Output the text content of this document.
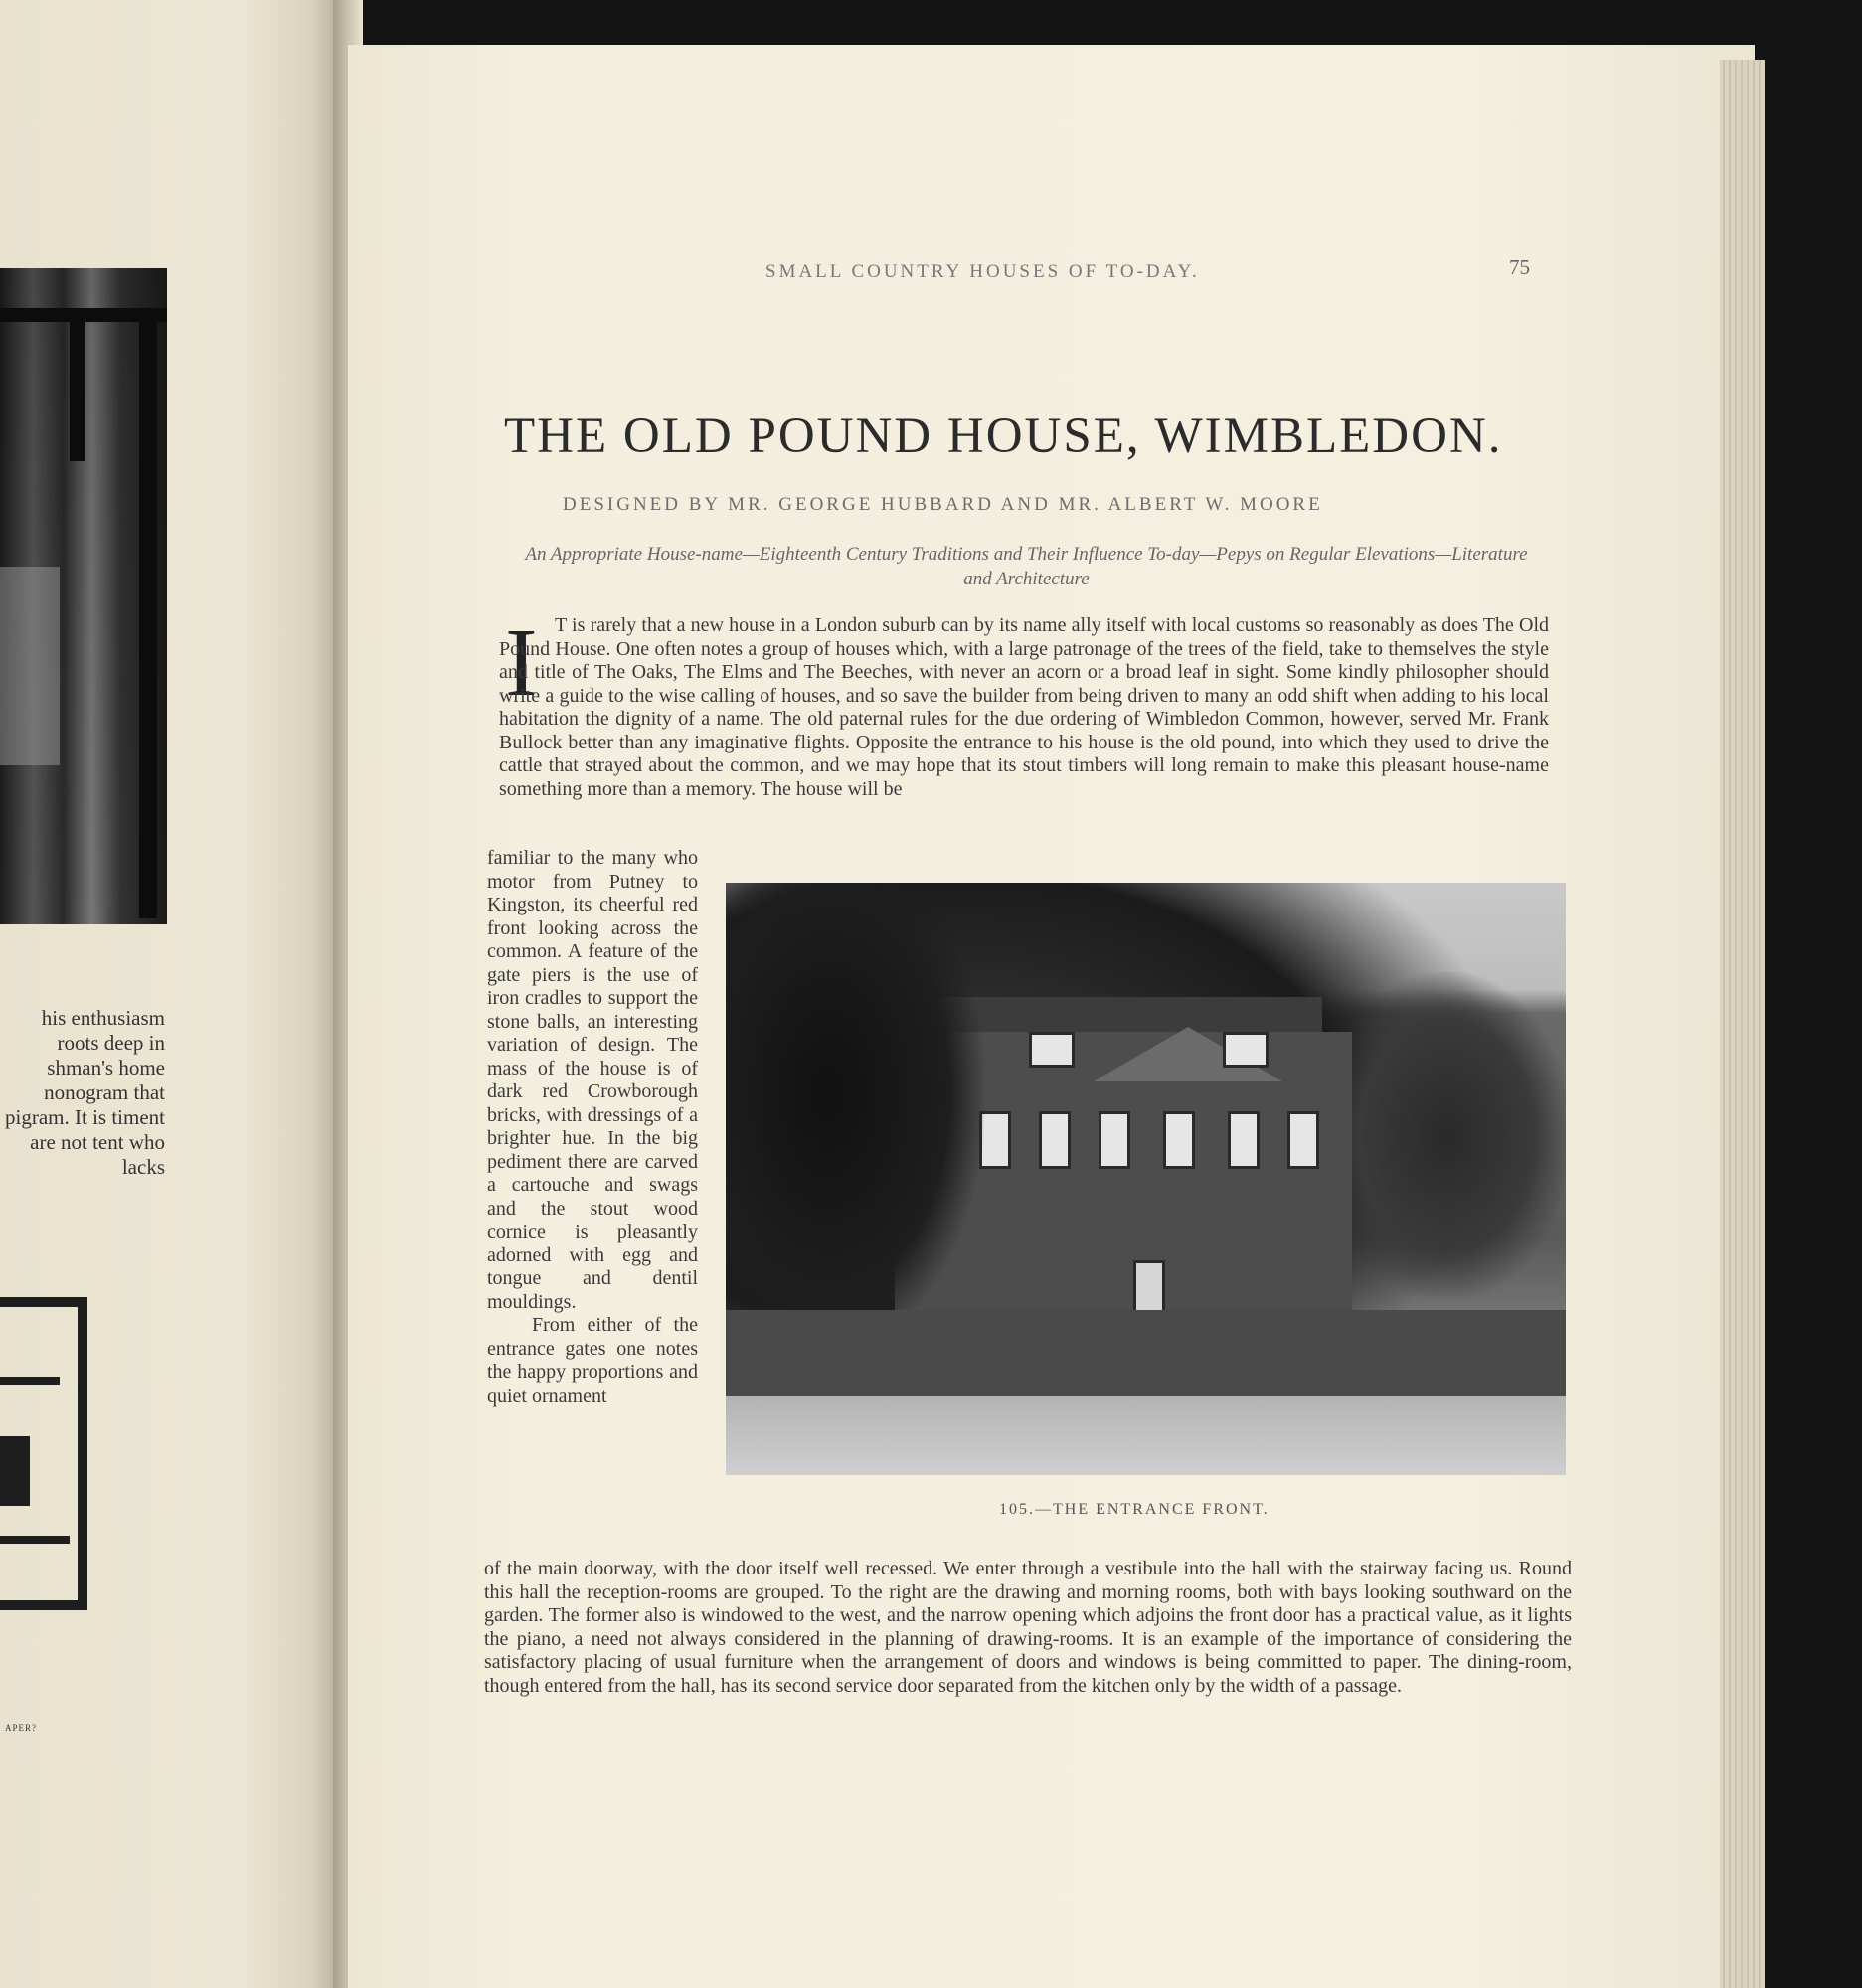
his enthusiasm roots deep in shman's home nonogram that pigram. It is timent are not tent who lacks
APER?
SMALL COUNTRY HOUSES OF TO-DAY.	75
THE OLD POUND HOUSE, WIMBLEDON.
DESIGNED BY MR. GEORGE HUBBARD AND MR. ALBERT W. MOORE
An Appropriate House-name—Eighteenth Century Traditions and Their Influence To-day—Pepys on Regular Elevations—Literature and Architecture
I T is rarely that a new house in a London suburb can by its name ally itself with local customs so reasonably as does The Old Pound House. One often notes a group of houses which, with a large patronage of the trees of the field, take to themselves the style and title of The Oaks, The Elms and The Beeches, with never an acorn or a broad leaf in sight. Some kindly philosopher should write a guide to the wise calling of houses, and so save the builder from being driven to many an odd shift when adding to his local habitation the dignity of a name. The old paternal rules for the due ordering of Wimbledon Common, however, served Mr. Frank Bullock better than any imaginative flights. Opposite the entrance to his house is the old pound, into which they used to drive the cattle that strayed about the common, and we may hope that its stout timbers will long remain to make this pleasant house-name something more than a memory. The house will be

familiar to the many who motor from Putney to Kingston, its cheerful red front looking across the common. A feature of the gate piers is the use of iron cradles to support the stone balls, an interesting variation of design. The mass of the house is of dark red Crowborough bricks, with dressings of a brighter hue. In the big pediment there are carved a cartouche and swags and the stout wood cornice is pleasantly adorned with egg and tongue and dentil mouldings.

From either of the entrance gates one notes the happy proportions and quiet ornament

105.—THE ENTRANCE FRONT.
of the main doorway, with the door itself well recessed. We enter through a vestibule into the hall with the stairway facing us. Round this hall the reception-rooms are grouped. To the right are the drawing and morning rooms, both with bays looking southward on the garden. The former also is windowed to the west, and the narrow opening which adjoins the front door has a practical value, as it lights the piano, a need not always considered in the planning of drawing-rooms. It is an example of the importance of considering the satisfactory placing of usual furniture when the arrangement of doors and windows is being committed to paper. The dining-room, though entered from the hall, has its second service door separated from the kitchen only by the width of a passage.
